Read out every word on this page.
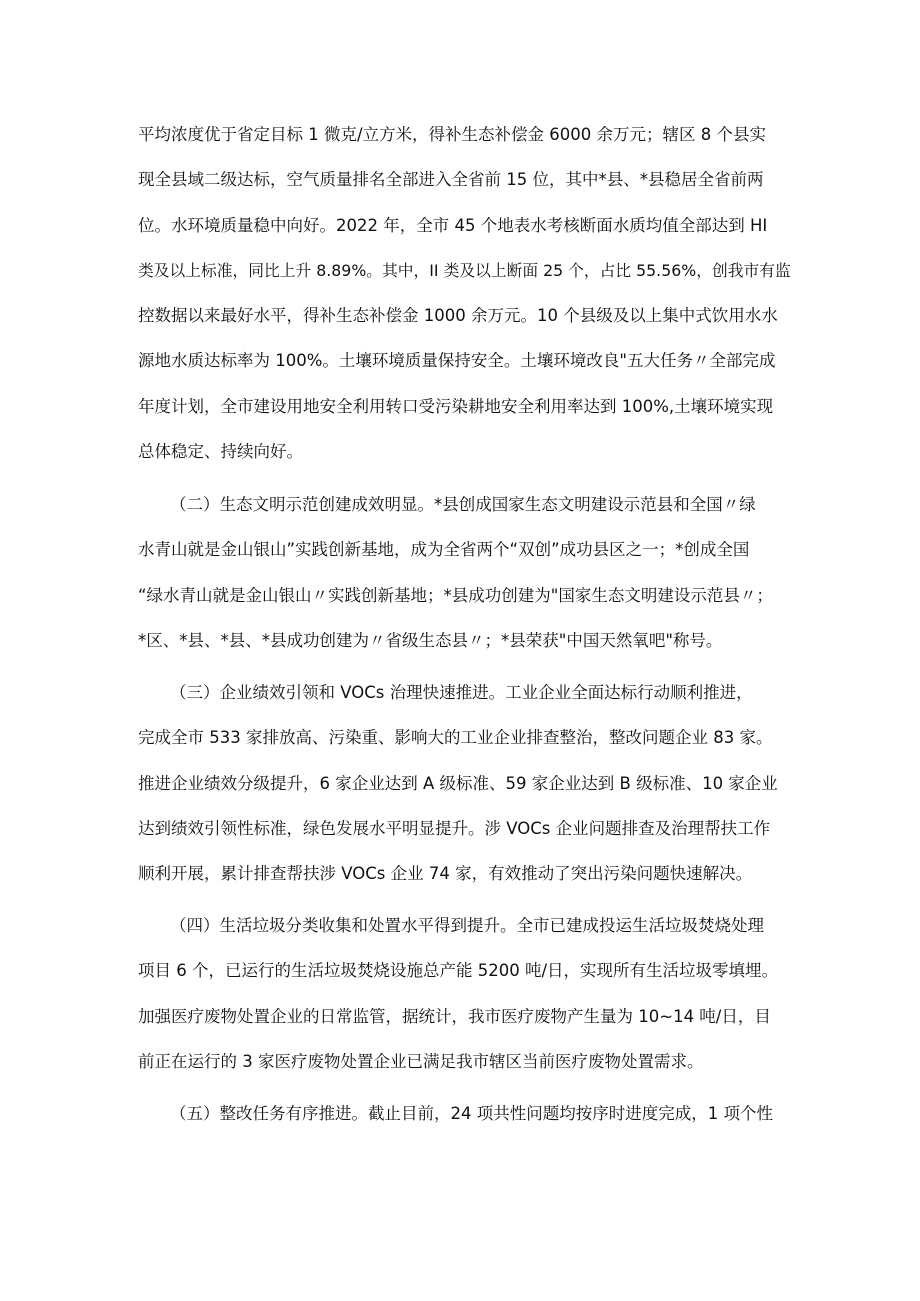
平均浓度优于省定目标 1 微克/立方米，得补生态补偿金 6000 余万元；辖区 8 个县实
现全县域二级达标，空气质量排名全部进入全省前 15 位，其中*县、*县稳居全省前两
位。水环境质量稳中向好。2022 年，全市 45 个地表水考核断面水质均值全部达到 HI
类及以上标准，同比上升 8.89%。其中，II 类及以上断面 25 个，占比 55.56%，创我市有监
控数据以来最好水平，得补生态补偿金 1000 余万元。10 个县级及以上集中式饮用水水
源地水质达标率为 100%。土壤环境质量保持安全。土壤环境改良"五大任务〃全部完成
年度计划，全市建设用地安全利用转口受污染耕地安全利用率达到 100%,土壤环境实现
总体稳定、持续向好。
（二）生态文明示范创建成效明显。*县创成国家生态文明建设示范县和全国〃绿
水青山就是金山银山”实践创新基地，成为全省两个“双创”成功县区之一；*创成全国
“绿水青山就是金山银山〃实践创新基地；*县成功创建为"国家生态文明建设示范县〃；
*区、*县、*县、*县成功创建为〃省级生态县〃；*县荣获"中国天然氧吧"称号。
（三）企业绩效引领和 VOCs 治理快速推进。工业企业全面达标行动顺利推进，
完成全市 533 家排放高、污染重、影响大的工业企业排查整治，整改问题企业 83 家。
推进企业绩效分级提升，6 家企业达到 A 级标准、59 家企业达到 B 级标准、10 家企业
达到绩效引领性标准，绿色发展水平明显提升。涉 VOCs 企业问题排查及治理帮扶工作
顺利开展，累计排查帮扶涉 VOCs 企业 74 家，有效推动了突出污染问题快速解决。
（四）生活垃圾分类收集和处置水平得到提升。全市已建成投运生活垃圾焚烧处理
项目 6 个，已运行的生活垃圾焚烧设施总产能 5200 吨/日，实现所有生活垃圾零填埋。
加强医疗废物处置企业的日常监管，据统计，我市医疗废物产生量为 10~14 吨/日，目
前正在运行的 3 家医疗废物处置企业已满足我市辖区当前医疗废物处置需求。
（五）整改任务有序推进。截止目前，24 项共性问题均按序时进度完成，1 项个性
